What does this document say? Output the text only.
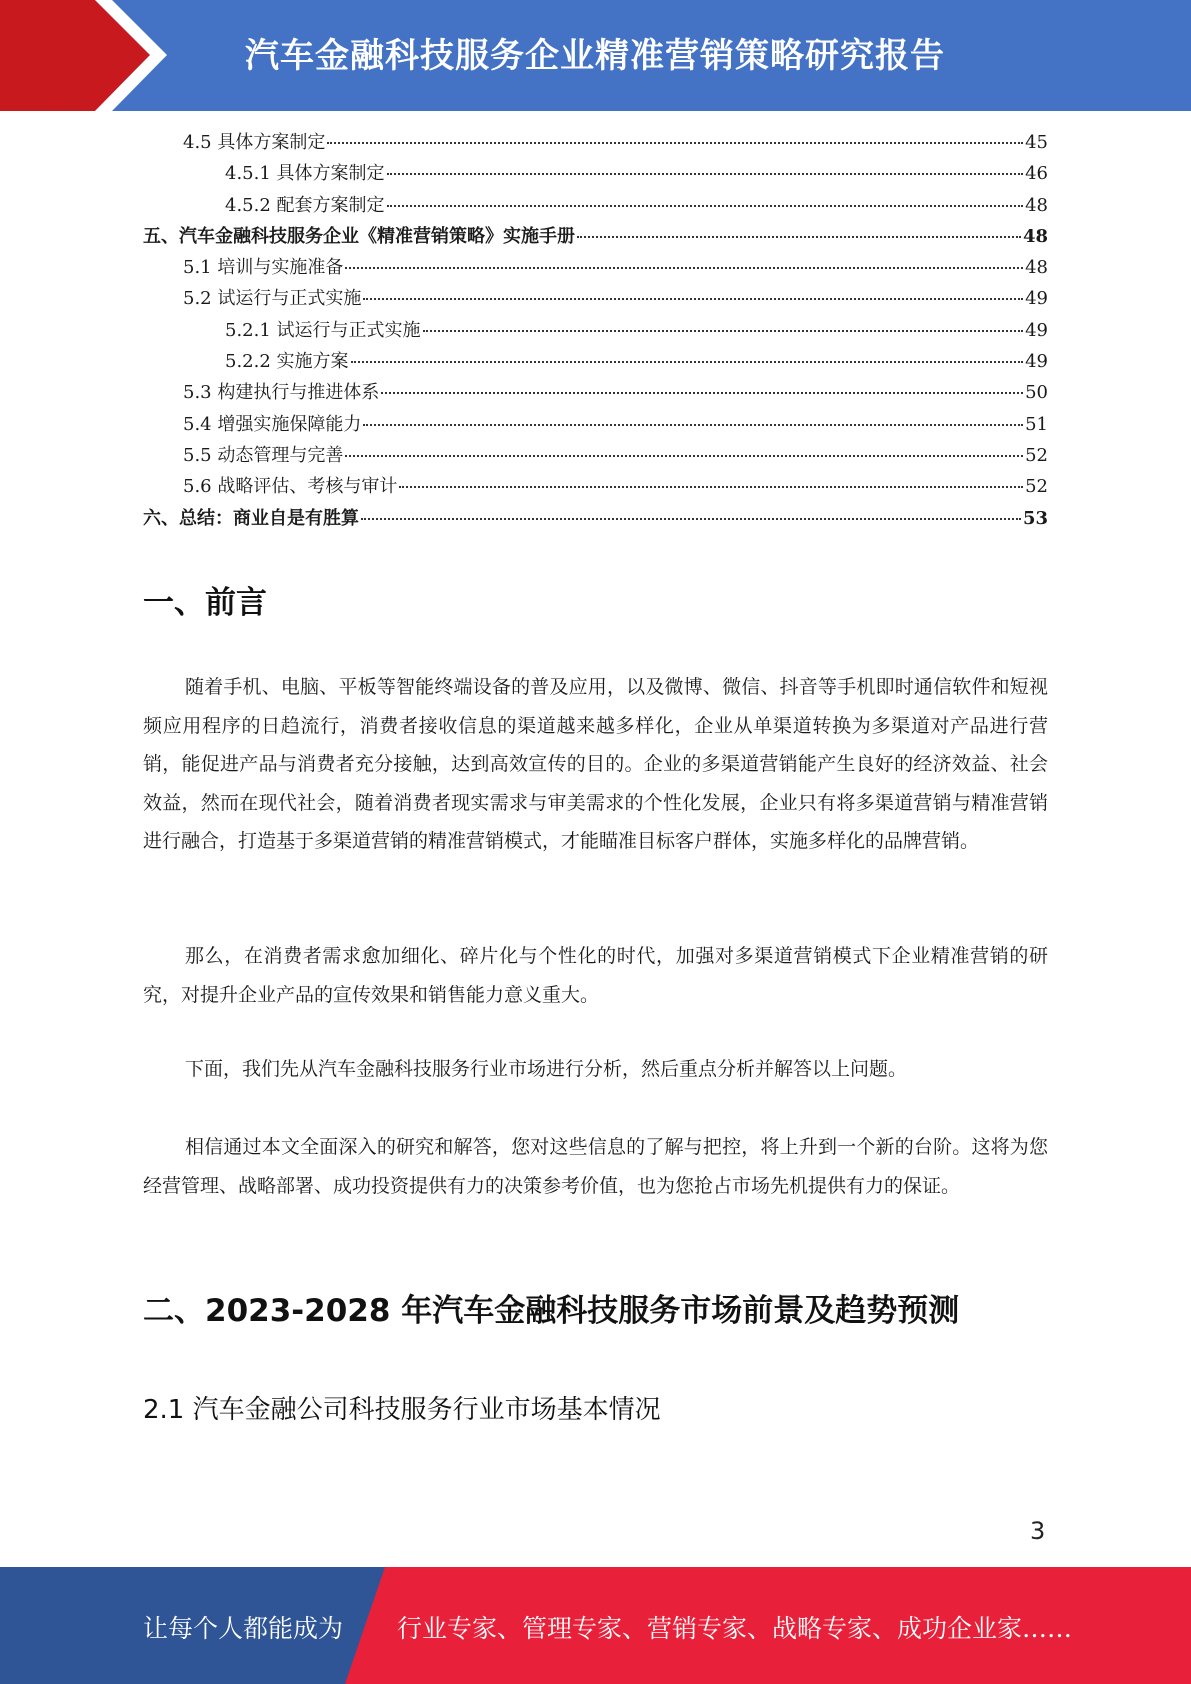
汽车金融科技服务企业精准营销策略研究报告
4.5 具体方案制定	45
4.5.1 具体方案制定	46
4.5.2 配套方案制定	48
五、汽车金融科技服务企业《精准营销策略》实施手册	48
5.1 培训与实施准备	48
5.2 试运行与正式实施	49
5.2.1 试运行与正式实施	49
5.2.2 实施方案	49
5.3 构建执行与推进体系	50
5.4 增强实施保障能力	51
5.5 动态管理与完善	52
5.6 战略评估、考核与审计	52
六、总结：商业自是有胜算	53
一、前言
随着手机、电脑、平板等智能终端设备的普及应用，以及微博、微信、抖音等手机即时通信软件和短视频应用程序的日趋流行，消费者接收信息的渠道越来越多样化，企业从单渠道转换为多渠道对产品进行营销，能促进产品与消费者充分接触，达到高效宣传的目的。企业的多渠道营销能产生良好的经济效益、社会效益，然而在现代社会，随着消费者现实需求与审美需求的个性化发展，企业只有将多渠道营销与精准营销进行融合，打造基于多渠道营销的精准营销模式，才能瞄准目标客户群体，实施多样化的品牌营销。
那么，在消费者需求愈加细化、碎片化与个性化的时代，加强对多渠道营销模式下企业精准营销的研究，对提升企业产品的宣传效果和销售能力意义重大。
下面，我们先从汽车金融科技服务行业市场进行分析，然后重点分析并解答以上问题。
相信通过本文全面深入的研究和解答，您对这些信息的了解与把控，将上升到一个新的台阶。这将为您经营管理、战略部署、成功投资提供有力的决策参考价值，也为您抢占市场先机提供有力的保证。
二、2023-2028 年汽车金融科技服务市场前景及趋势预测
2.1 汽车金融公司科技服务行业市场基本情况
3
让每个人都能成为 行业专家、管理专家、营销专家、战略专家、成功企业家……
